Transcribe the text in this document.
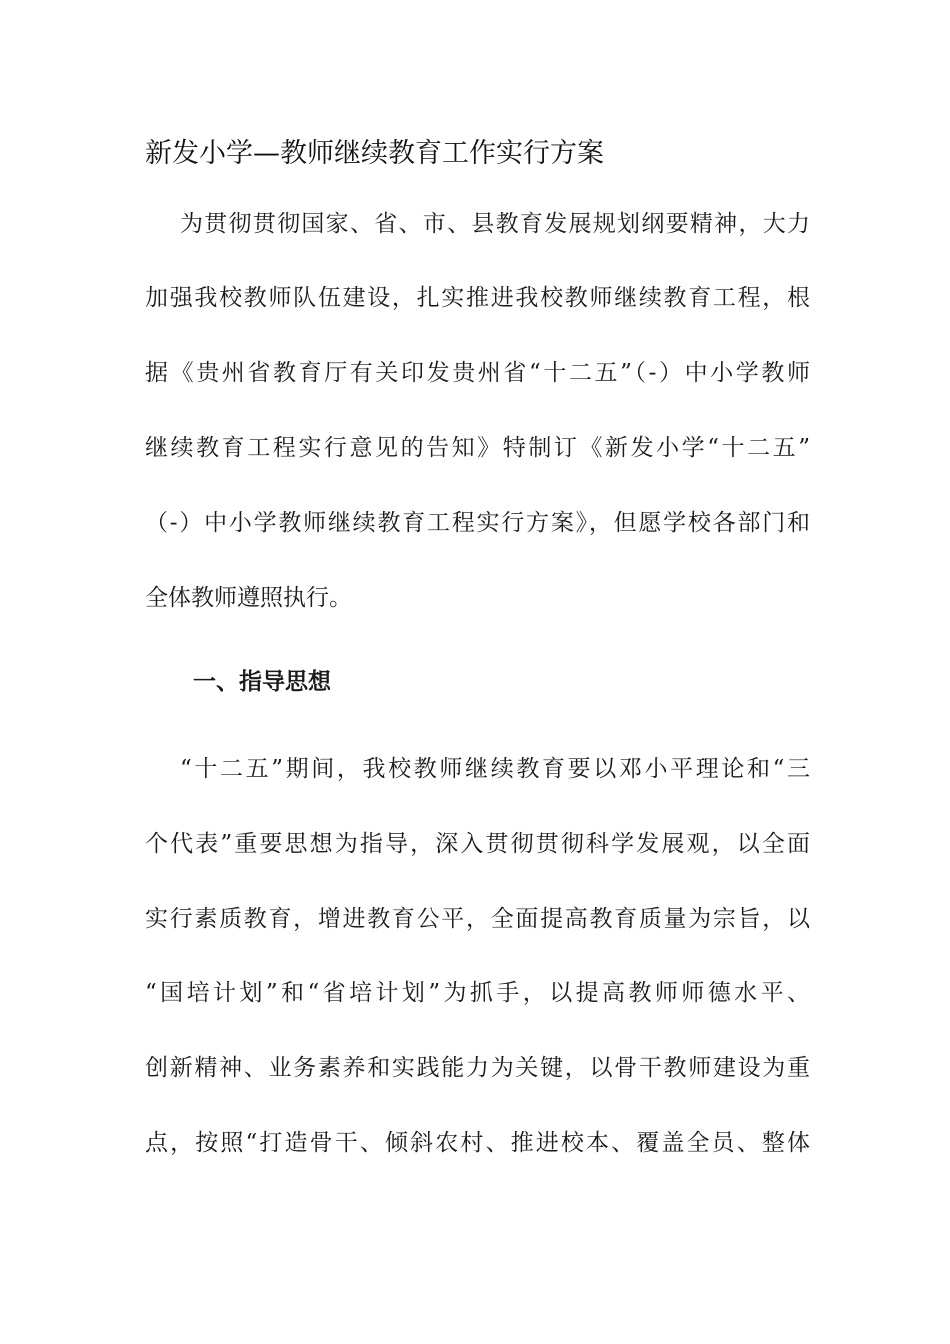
新发小学—教师继续教育工作实行方案
为贯彻贯彻国家、省、市、县教育发展规划纲要精神，大力
加强我校教师队伍建设，扎实推进我校教师继续教育工程，根
据《贵州省教育厅有关印发贵州省“十二五”（-）中小学教师
继续教育工程实行意见的告知》特制订《新发小学“十二五”
（-）中小学教师继续教育工程实行方案》，但愿学校各部门和
全体教师遵照执行。
一、指导思想
“十二五”期间，我校教师继续教育要以邓小平理论和“三
个代表”重要思想为指导，深入贯彻贯彻科学发展观，以全面
实行素质教育，增进教育公平，全面提高教育质量为宗旨，以
“国培计划”和“省培计划”为抓手，以提高教师师德水平、
创新精神、业务素养和实践能力为关键，以骨干教师建设为重
点，按照“打造骨干、倾斜农村、推进校本、覆盖全员、整体
